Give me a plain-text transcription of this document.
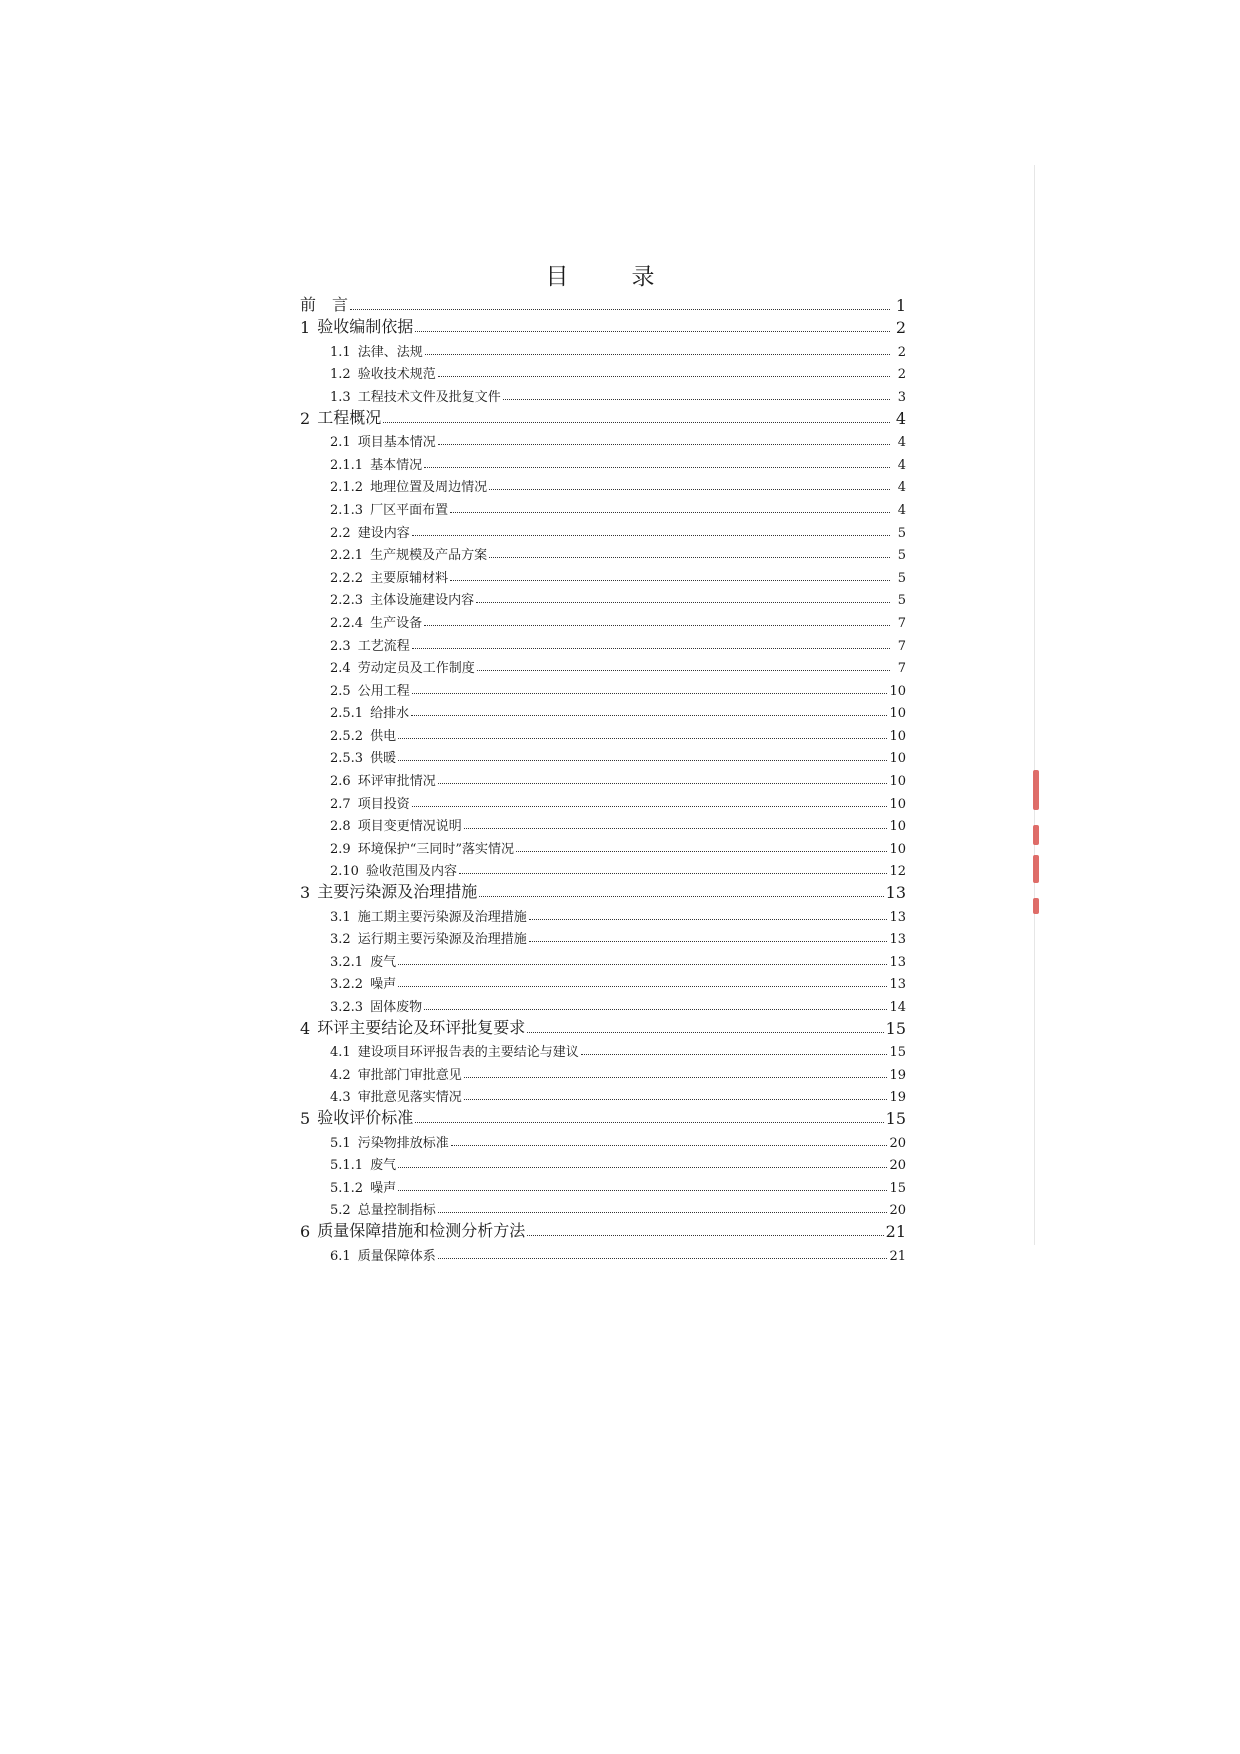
目　录
前　言	1
1 验收编制依据	2
1.1 法律、法规	2
1.2 验收技术规范	2
1.3 工程技术文件及批复文件	3
2 工程概况	4
2.1 项目基本情况	4
2.1.1 基本情况	4
2.1.2 地理位置及周边情况	4
2.1.3 厂区平面布置	4
2.2 建设内容	5
2.2.1 生产规模及产品方案	5
2.2.2 主要原辅材料	5
2.2.3 主体设施建设内容	5
2.2.4 生产设备	7
2.3 工艺流程	7
2.4 劳动定员及工作制度	7
2.5 公用工程	10
2.5.1 给排水	10
2.5.2 供电	10
2.5.3 供暖	10
2.6 环评审批情况	10
2.7 项目投资	10
2.8 项目变更情况说明	10
2.9 环境保护“三同时”落实情况	10
2.10 验收范围及内容	12
3 主要污染源及治理措施	13
3.1 施工期主要污染源及治理措施	13
3.2 运行期主要污染源及治理措施	13
3.2.1 废气	13
3.2.2 噪声	13
3.2.3 固体废物	14
4 环评主要结论及环评批复要求	15
4.1 建设项目环评报告表的主要结论与建议	15
4.2 审批部门审批意见	19
4.3 审批意见落实情况	19
5 验收评价标准	15
5.1 污染物排放标准	20
5.1.1 废气	20
5.1.2 噪声	15
5.2 总量控制指标	20
6 质量保障措施和检测分析方法	21
6.1 质量保障体系	21
